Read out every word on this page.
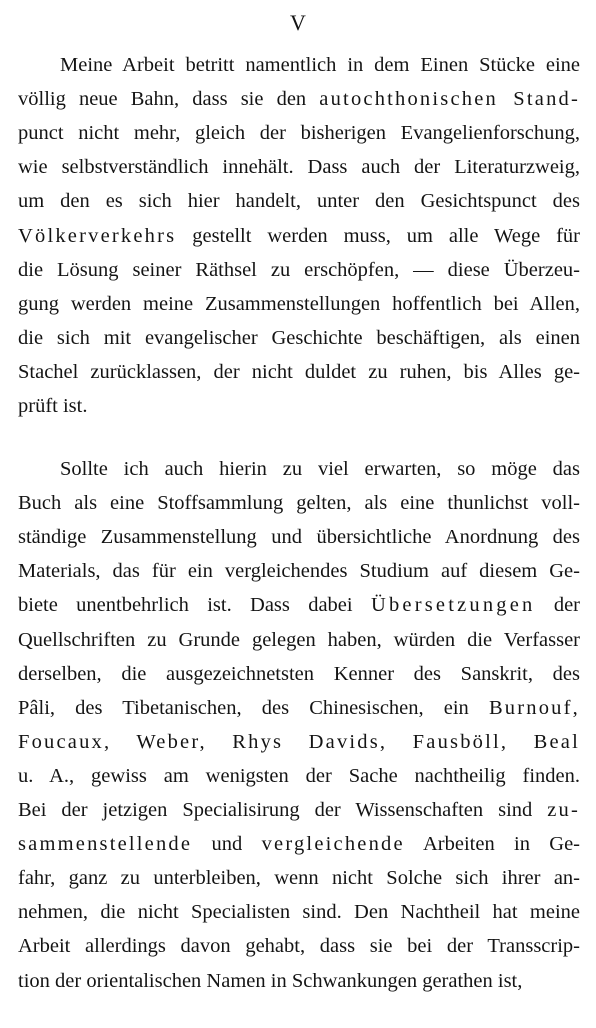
V
Meine Arbeit betritt namentlich in dem Einen Stücke eine
völlig neue Bahn, dass sie den autochthonischen Stand-
punct nicht mehr, gleich der bisherigen Evangelienforschung,
wie selbstverständlich innehält. Dass auch der Literaturzweig,
um den es sich hier handelt, unter den Gesichtspunct des
Völkerverkehrs gestellt werden muss, um alle Wege für
die Lösung seiner Räthsel zu erschöpfen, — diese Überzeu-
gung werden meine Zusammenstellungen hoffentlich bei Allen,
die sich mit evangelischer Geschichte beschäftigen, als einen
Stachel zurücklassen, der nicht duldet zu ruhen, bis Alles ge-
prüft ist.
Sollte ich auch hierin zu viel erwarten, so möge das
Buch als eine Stoffsammlung gelten, als eine thunlichst voll-
ständige Zusammenstellung und übersichtliche Anordnung des
Materials, das für ein vergleichendes Studium auf diesem Ge-
biete unentbehrlich ist. Dass dabei Übersetzungen der
Quellschriften zu Grunde gelegen haben, würden die Verfasser
derselben, die ausgezeichnetsten Kenner des Sanskrit, des
Pâli, des Tibetanischen, des Chinesischen, ein Burnouf,
Foucaux, Weber, Rhys Davids, Fausböll, Beal
u. A., gewiss am wenigsten der Sache nachtheilig finden.
Bei der jetzigen Specialisirung der Wissenschaften sind zu-
sammenstellende und vergleichende Arbeiten in Ge-
fahr, ganz zu unterbleiben, wenn nicht Solche sich ihrer an-
nehmen, die nicht Specialisten sind. Den Nachtheil hat meine
Arbeit allerdings davon gehabt, dass sie bei der Transscrip-
tion der orientalischen Namen in Schwankungen gerathen ist,
